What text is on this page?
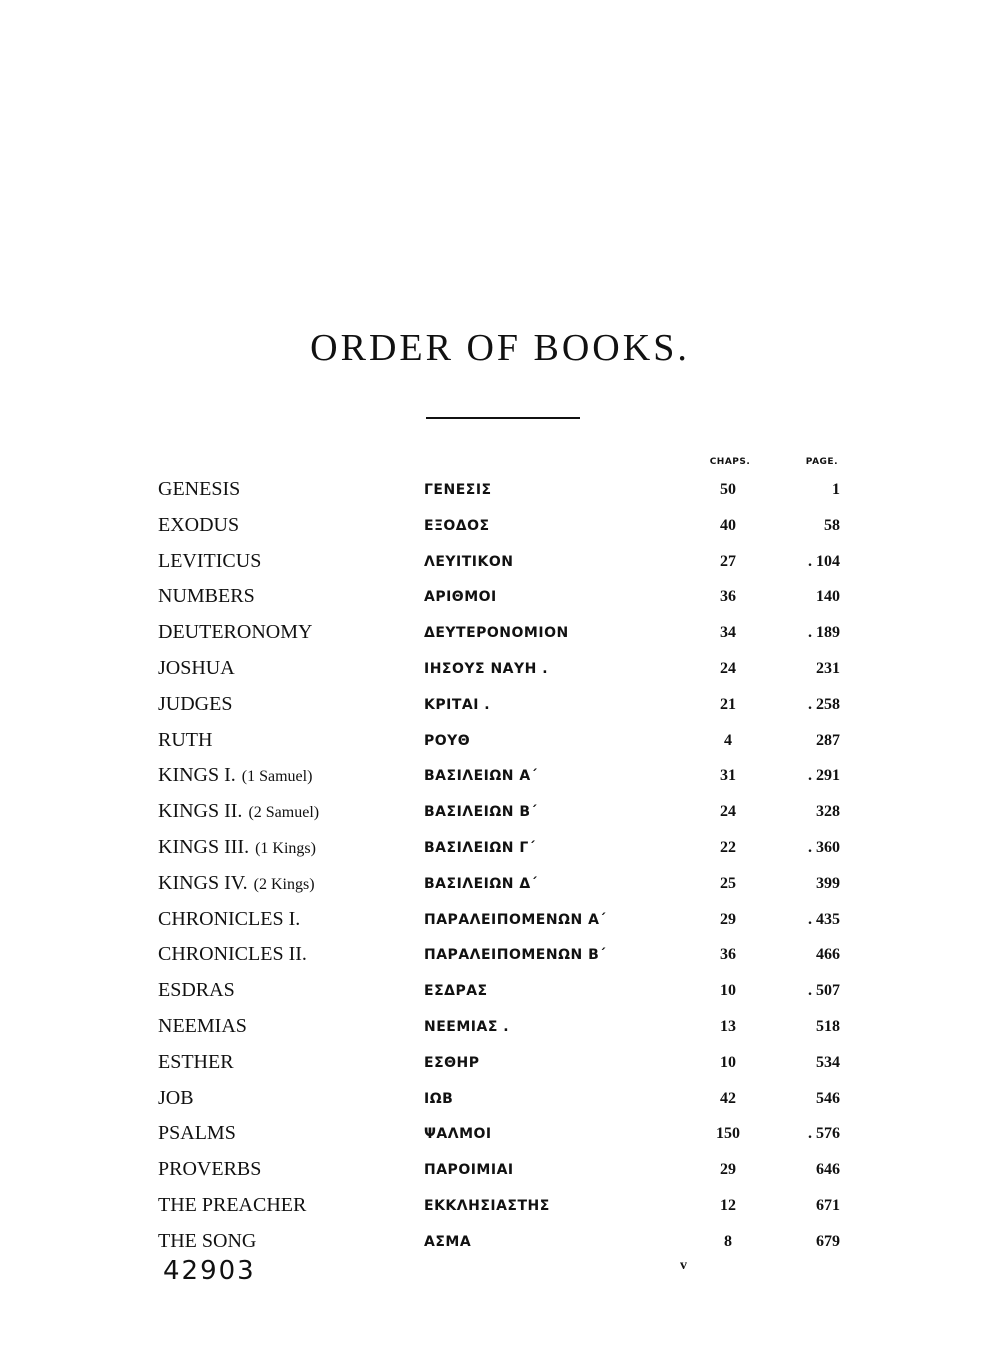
ORDER OF BOOKS.
CHAPS.	PAGE.
GENESIS	ΓΕΝΕΣΙΣ	50	1
EXODUS	ΕΞΟΔΟΣ	40	58
LEVITICUS	ΛΕΥΙΤΙΚΟΝ	27	. 104
NUMBERS	ΑΡΙΘΜΟΙ	36	140
DEUTERONOMY	ΔΕΥΤΕΡΟΝΟΜΙΟΝ	34	. 189
JOSHUA	ΙΗΣΟΥΣ ΝΑΥΗ .	24	231
JUDGES	ΚΡΙΤΑΙ .	21	. 258
RUTH	ΡΟΥΘ	4	287
KINGS I. (1 Samuel)	ΒΑΣΙΛΕΙΩΝ Α΄	31	. 291
KINGS II. (2 Samuel)	ΒΑΣΙΛΕΙΩΝ Β΄	24	328
KINGS III. (1 Kings)	ΒΑΣΙΛΕΙΩΝ Γ΄	22	. 360
KINGS IV. (2 Kings)	ΒΑΣΙΛΕΙΩΝ Δ΄	25	399
CHRONICLES I.	ΠΑΡΑΛΕΙΠΟΜΕΝΩΝ Α΄	29	. 435
CHRONICLES II.	ΠΑΡΑΛΕΙΠΟΜΕΝΩΝ Β΄	36	466
ESDRAS	ΕΣΔΡΑΣ	10	. 507
NEEMIAS	ΝΕΕΜΙΑΣ .	13	518
ESTHER	ΕΣΘΗΡ	10	534
JOB	ΙΩΒ	42	546
PSALMS	ΨΑΛΜΟΙ	150	. 576
PROVERBS	ΠΑΡΟΙΜΙΑΙ	29	646
THE PREACHER	ΕΚΚΛΗΣΙΑΣΤΗΣ	12	671
THE SONG	ΑΣΜΑ	8	679
42903	v
